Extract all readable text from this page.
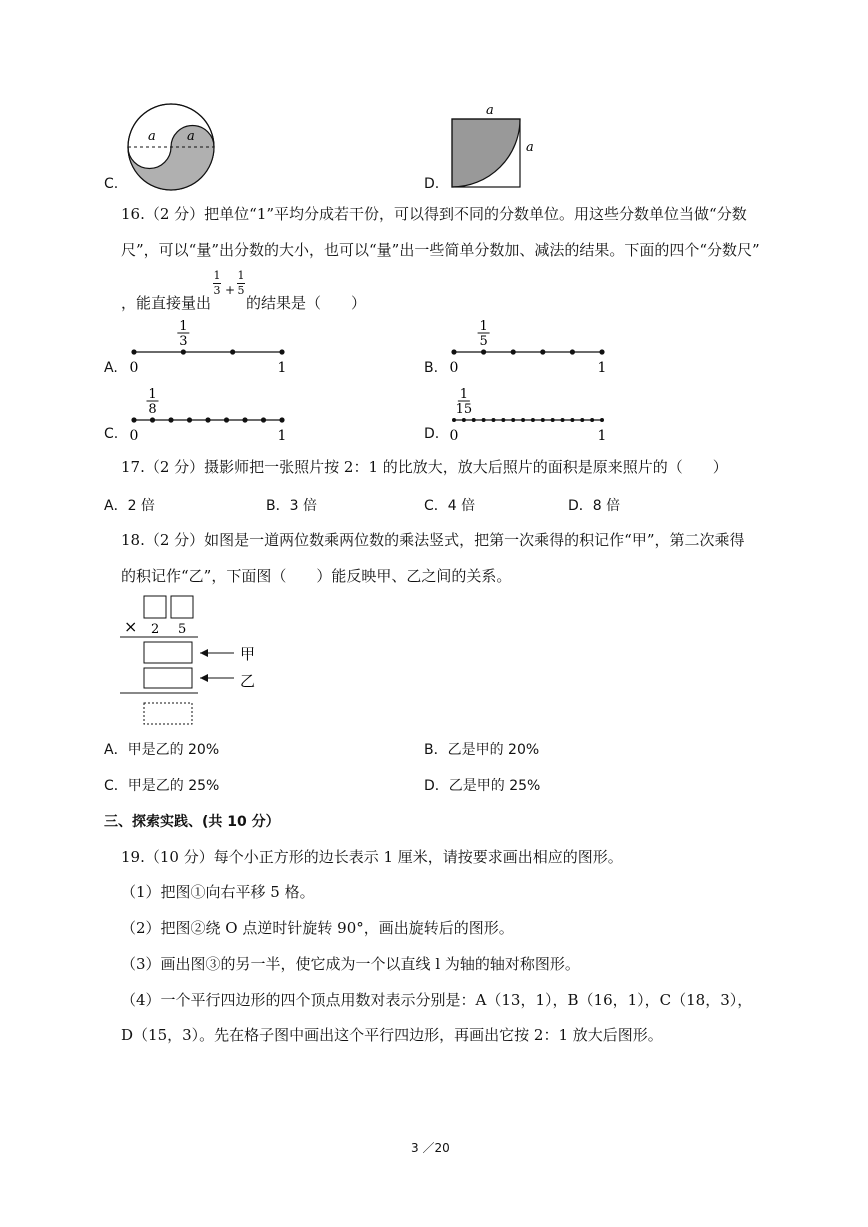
C.
a a
D.
a
a
16.（2 分）把单位“1”平均分成若干份，可以得到不同的分数单位。用这些分数单位当做“分数
尺”，可以“量”出分数的大小，也可以“量”出一些简单分数加、减法的结果。下面的四个“分数尺”
，能直接量出
1
3 +
1
5
的结果是（　　）
A.
1
3
0	1	B.
1
5
0	1
C.
1
8
0	1	D.
1
15
0	1
17.（2 分）摄影师把一张照片按 2：1 的比放大，放大后照片的面积是原来照片的（　　）
A．2 倍	B．3 倍	C．4 倍	D．8 倍
18.（2 分）如图是一道两位数乘两位数的乘法竖式，把第一次乘得的积记作“甲”，第二次乘得
的积记作“乙”，下面图（　　）能反映甲、乙之间的关系。
× 2 5
甲
乙
A．甲是乙的 20%	B．乙是甲的 20%
C．甲是乙的 25%	D．乙是甲的 25%
三、探索实践、(共 10 分）
19.（10 分）每个小正方形的边长表示 1 厘米，请按要求画出相应的图形。
（1）把图①向右平移 5 格。
（2）把图②绕 O 点逆时针旋转 90°，画出旋转后的图形。
（3）画出图③的另一半，使它成为一个以直线 l 为轴的轴对称图形。
（4）一个平行四边形的四个顶点用数对表示分别是：A（13，1），B（16，1），C（18，3），
D（15，3）。先在格子图中画出这个平行四边形，再画出它按 2：1 放大后图形。
3 ／20
